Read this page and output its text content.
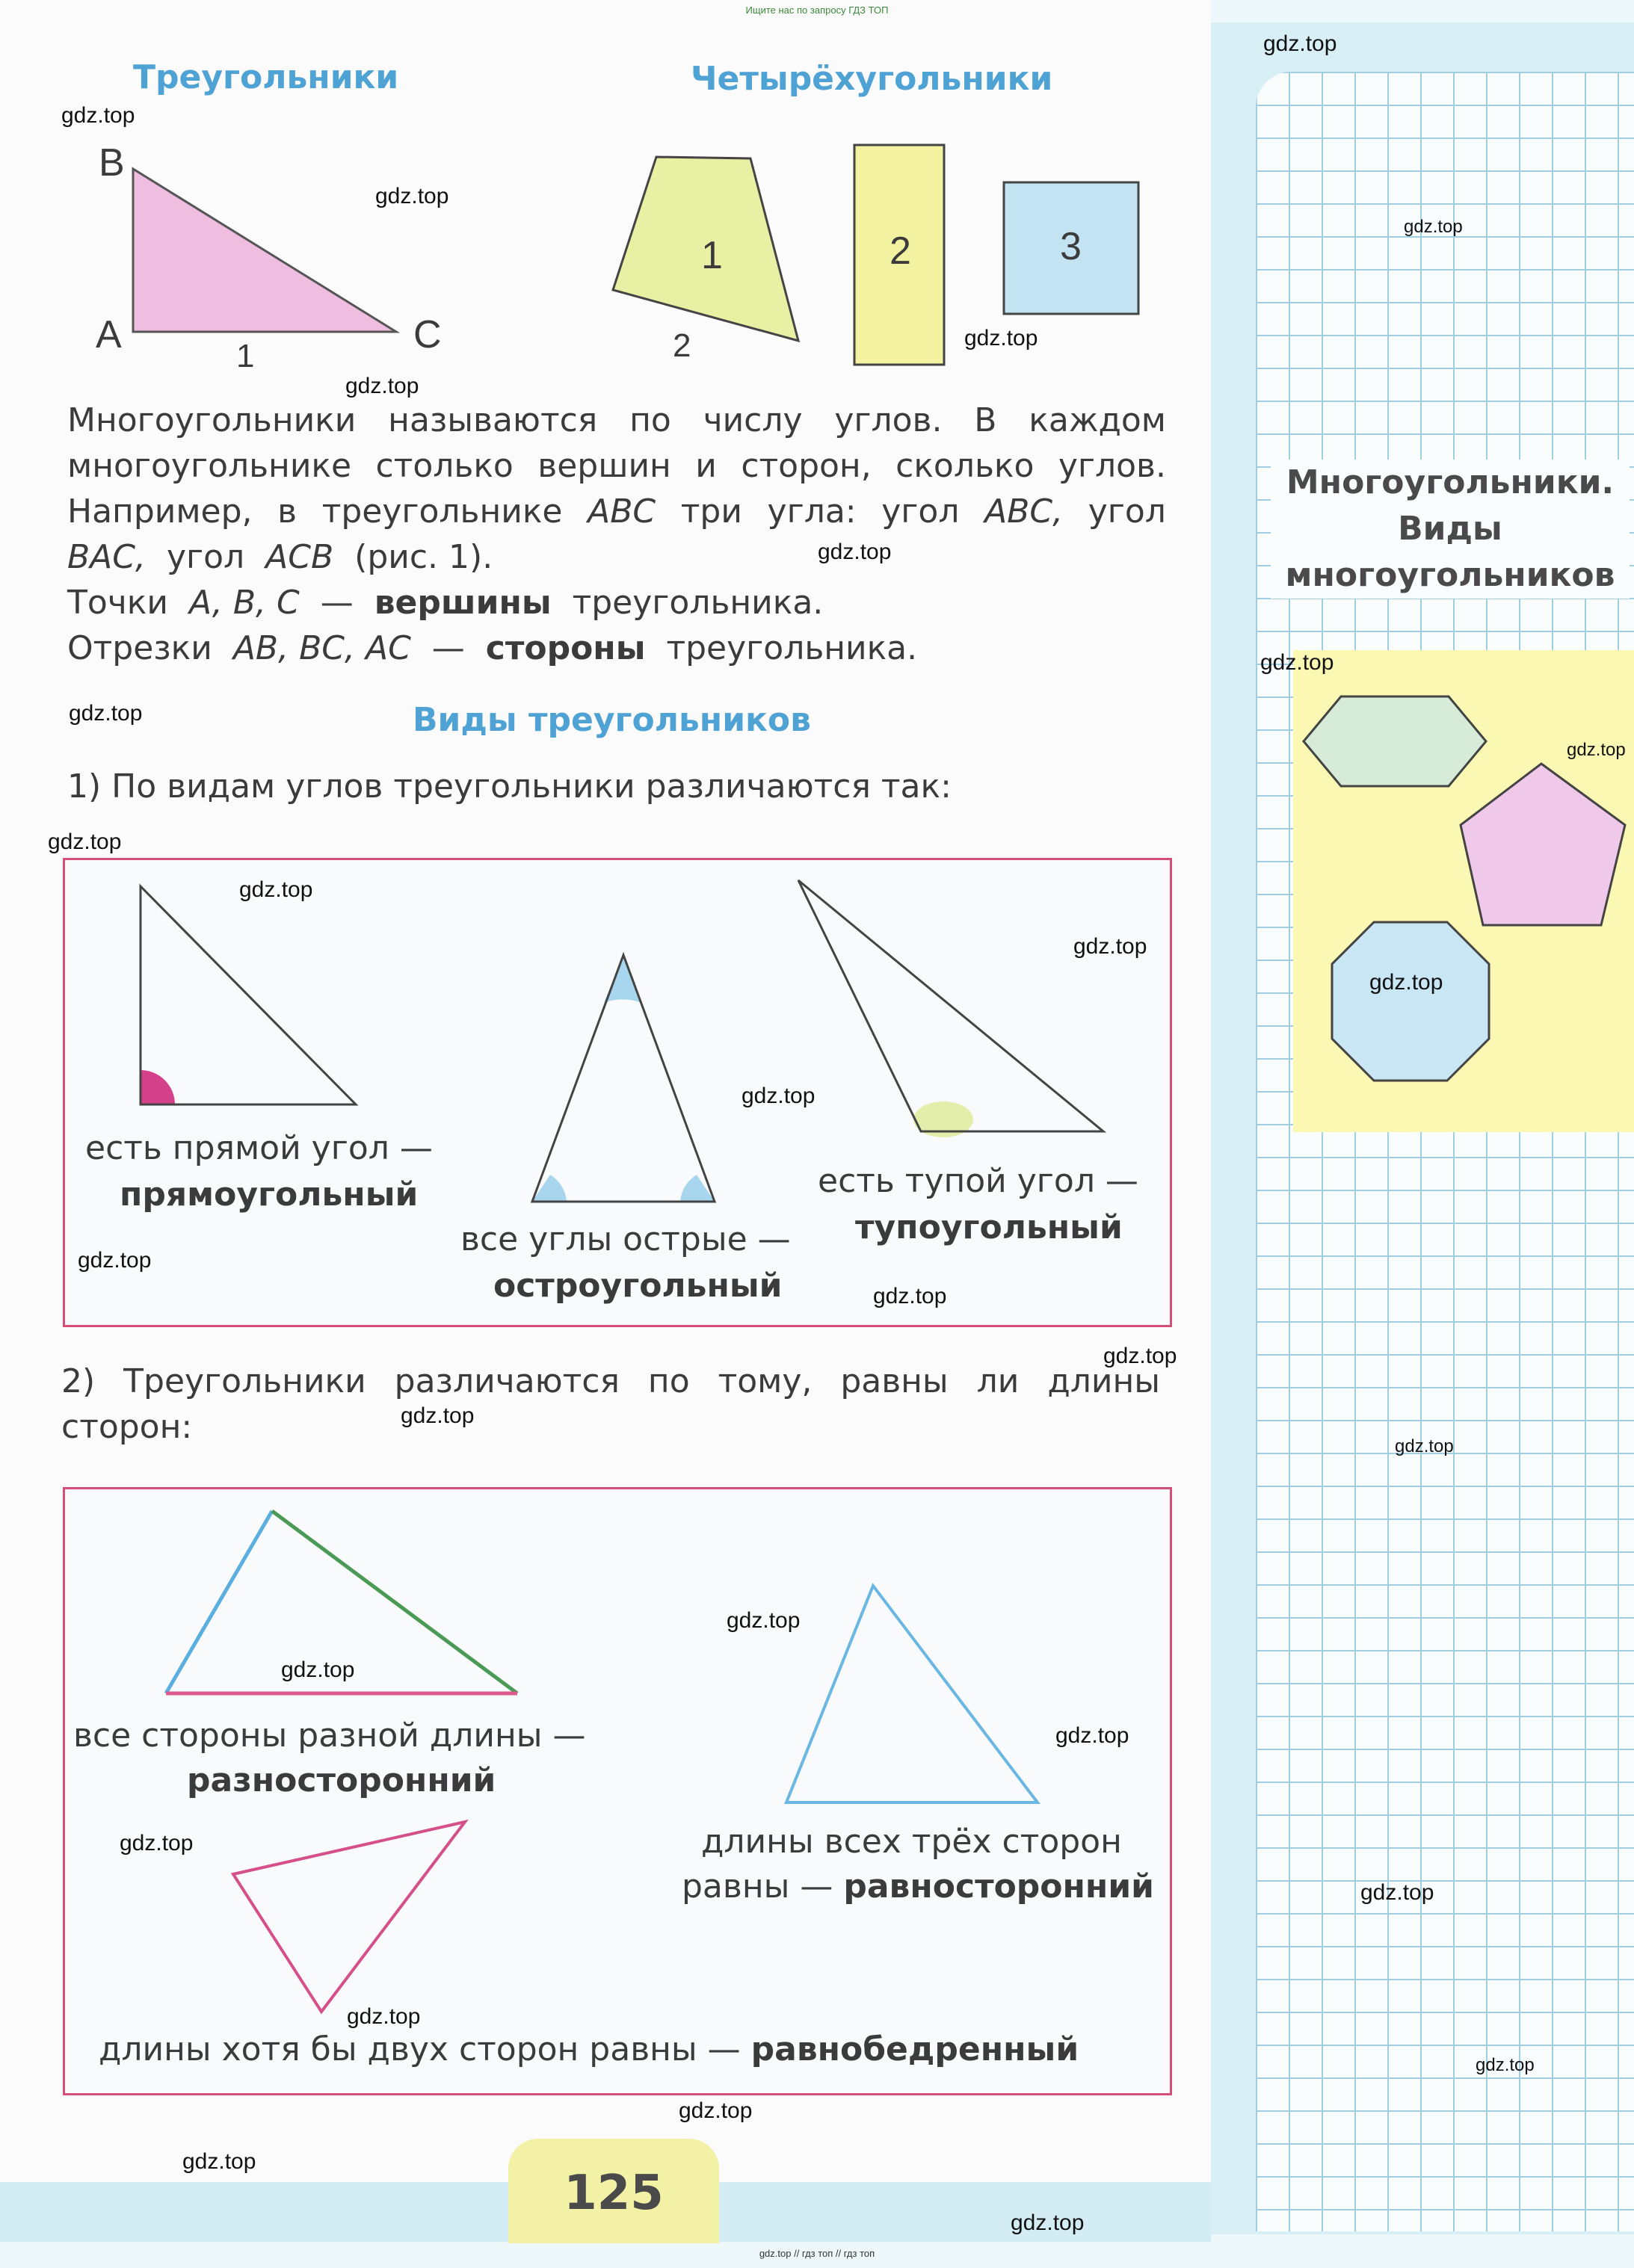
Ищите нас по запросу ГДЗ ТОП
Треугольники	Четырёхугольники
B
A	C
1
1
2
2	3
Многоугольники называются по числу углов. В каждом
многоугольнике столько вершин и сторон, сколько углов.
Например, в треугольнике ABC три угла: угол ABC, угол
BAC, угол ACB (рис. 1).
Точки A, B, C — вершины треугольника.
Отрезки AB, BC, AC — стороны треугольника.
Виды треугольников
1) По видам углов треугольники различаются так:
есть прямой угол —
прямоугольный
все углы острые —
остроугольный
есть тупой угол —
тупоугольный
2) Треугольники различаются по тому, равны ли длины
сторон:
все стороны разной длины —
разносторонний
длины всех трёх сторон
равны — равносторонний
длины хотя бы двух сторон равны — равнобедренный
125
Многоугольники.
Виды
многоугольников
gdz.top
gdz.top
gdz.top
gdz.top
gdz.top
gdz.top
gdz.top
gdz.top
gdz.top
gdz.top
gdz.top
gdz.top
gdz.top
gdz.top
gdz.top
gdz.top
gdz.top
gdz.top
gdz.top
gdz.top
gdz.top
gdz.top
gdz.top
gdz.top
gdz.top
gdz.top
gdz.top
gdz.top
gdz.top
gdz.top
gdz.top // гдз топ // гдз топ
